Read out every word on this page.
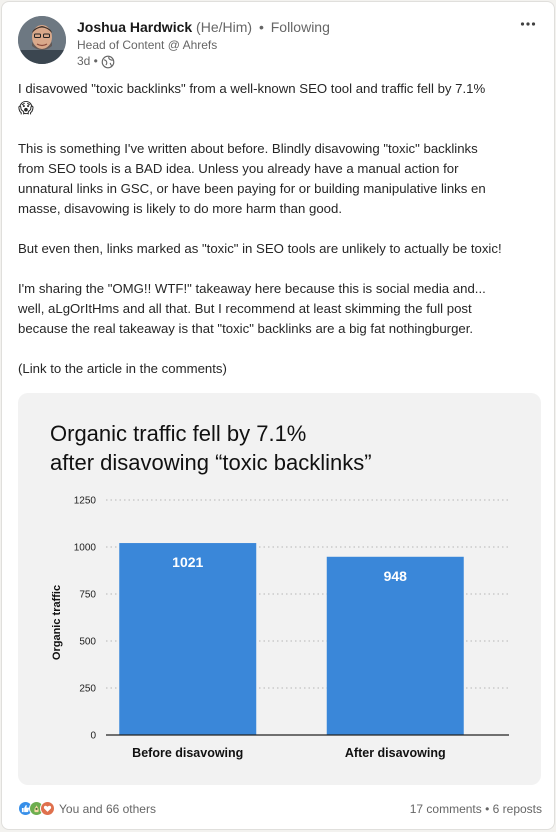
Joshua Hardwick (He/Him) • Following
Head of Content @ Ahrefs
3d •

I disavowed "toxic backlinks" from a well-known SEO tool and traffic fell by 7.1%
😱

This is something I've written about before. Blindly disavowing "toxic" backlinks
from SEO tools is a BAD idea. Unless you already have a manual action for
unnatural links in GSC, or have been paying for or building manipulative links en
masse, disavowing is likely to do more harm than good.

But even then, links marked as "toxic" in SEO tools are unlikely to actually be toxic!

I'm sharing the "OMG!! WTF!" takeaway here because this is social media and...
well, aLgOrItHms and all that. But I recommend at least skimming the full post
because the real takeaway is that "toxic" backlinks are a big fat nothingburger.

(Link to the article in the comments)

Organic traffic fell by 7.1%
after disavowing “toxic backlinks”
0
250
500
750
1000
1250
1021
Before disavowing
948
After disavowing
Organic traffic
You and 66 others	17 comments • 6 reposts
